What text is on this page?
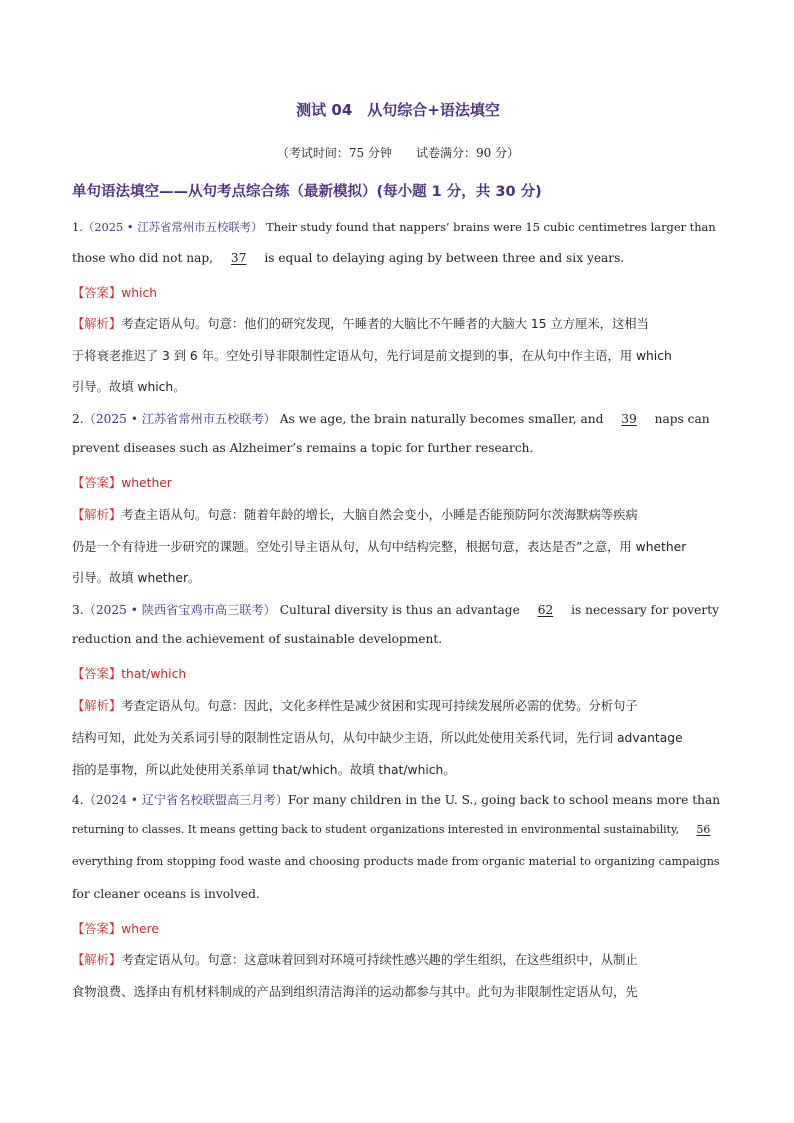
测试 04　从句综合+语法填空
（考试时间：75 分钟　　试卷满分：90 分）
单句语法填空——从句考点综合练（最新模拟）(每小题 1 分，共 30 分)
1.（2025 • 江苏省常州市五校联考） Their study found that nappers’ brains were 15 cubic centimetres larger than
those who did not nap, 37 is equal to delaying aging by between three and six years.
【答案】which
【解析】考查定语从句。句意：他们的研究发现，午睡者的大脑比不午睡者的大脑大 15 立方厘米，这相当
于将衰老推迟了 3 到 6 年。空处引导非限制性定语从句，先行词是前文提到的事，在从句中作主语，用 which
引导。故填 which。
2.（2025 • 江苏省常州市五校联考） As we age, the brain naturally becomes smaller, and 39 naps can
prevent diseases such as Alzheimer’s remains a topic for further research.
【答案】whether
【解析】考查主语从句。句意：随着年龄的增长，大脑自然会变小，小睡是否能预防阿尔茨海默病等疾病
仍是一个有待进一步研究的课题。空处引导主语从句，从句中结构完整，根据句意，表达是否”之意，用 whether
引导。故填 whether。
3.（2025 • 陕西省宝鸡市高三联考） Cultural diversity is thus an advantage 62 is necessary for poverty
reduction and the achievement of sustainable development.
【答案】that/which
【解析】考查定语从句。句意：因此，文化多样性是减少贫困和实现可持续发展所必需的优势。分析句子
结构可知，此处为关系词引导的限制性定语从句，从句中缺少主语，所以此处使用关系代词，先行词 advantage
指的是事物，所以此处使用关系单词 that/which。故填 that/which。
4.（2024 • 辽宁省名校联盟高三月考）For many children in the U. S., going back to school means more than
returning to classes. It means getting back to student organizations interested in environmental sustainability, 56
everything from stopping food waste and choosing products made from organic material to organizing campaigns
for cleaner oceans is involved.
【答案】where
【解析】考查定语从句。句意：这意味着回到对环境可持续性感兴趣的学生组织，在这些组织中，从制止
食物浪费、选择由有机材料制成的产品到组织清洁海洋的运动都参与其中。此句为非限制性定语从句，先
